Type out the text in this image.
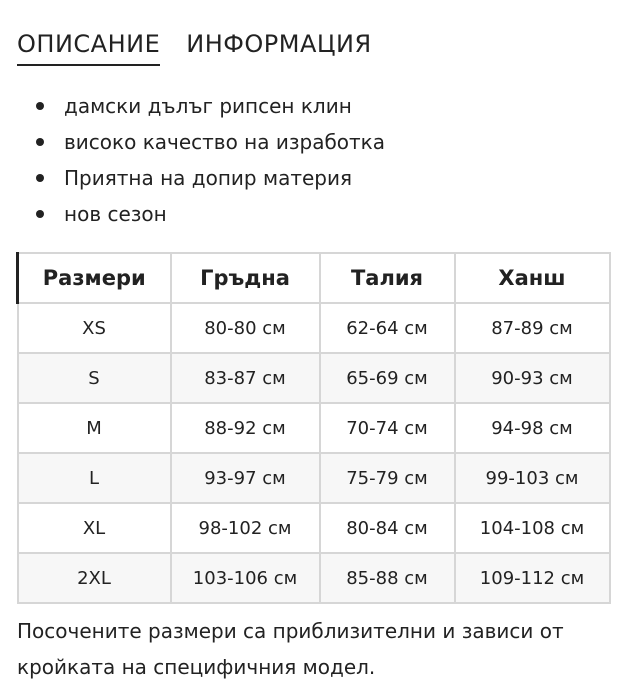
ОПИСАНИЕ ИНФОРМАЦИЯ
дамски дълъг рипсен клин
високо качество на изработка
Приятна на допир материя
нов сезон
Размери	Гръдна	Талия	Ханш
XS	80-80 см	62-64 см	87-89 см
S	83-87 см	65-69 см	90-93 см
M	88-92 см	70-74 см	94-98 см
L	93-97 см	75-79 см	99-103 см
XL	98-102 см	80-84 см	104-108 см
2XL	103-106 см	85-88 см	109-112 см

Посочените размери са приблизителни и зависи от кройката на специфичния модел.
